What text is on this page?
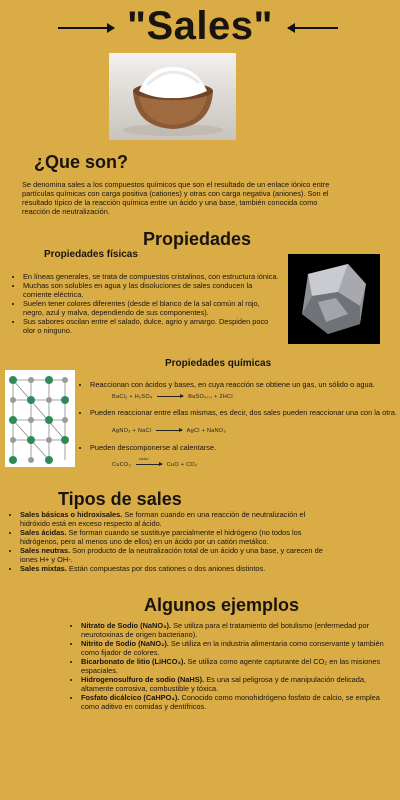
"Sales"
¿Que son?
Se denomina sales a los compuestos químicos que son el resultado de un enlace iónico entre partículas químicas con carga positiva (cationes) y otras con carga negativa (aniones). Son el resultado típico de la reacción química entre un ácido y una base, también conocida como reacción de neutralización.
Propiedades
Propiedades físicas
• En líneas generales, se trata de compuestos cristalinos, con estructura iónica.
• Muchas son solubles en agua y las disoluciones de sales conducen la corriente eléctrica.
• Suelen tener colores diferentes (desde el blanco de la sal común al rojo, negro, azul y malva, dependiendo de sus componentes).
• Sus sabores oscilan entre el salado, dulce, agrio y amargo. Despiden poco olor o ninguno.
Propiedades químicas
• Reaccionan con ácidos y bases, en cuya reacción se obtiene un gas, un sólido o agua.
BaCl₂ + H₂SO₄	BaSO₄₍ₛ₎ + 2HCl
• Pueden reaccionar entre ellas mismas, es decir, dos sales pueden reaccionar una con la otra.
AgNO₃ + NaCl	AgCl + NaNO₃
• Pueden descomponerse al calentarse.
calor
CuCO₃	CuO + CO₂
Tipos de sales
• Sales básicas o hidroxisales. Se forman cuando en una reacción de neutralización el hidróxido está en exceso respecto al ácido.
• Sales ácidas. Se forman cuando se sustituye parcialmente el hidrógeno (no todos los hidrógenos, pero al menos uno de ellos) en un ácido por un catión metálico.
• Sales neutras. Son producto de la neutralización total de un ácido y una base, y carecen de iones H+ y OH-.
• Sales mixtas. Están compuestas por dos cationes o dos aniones distintos.
Algunos ejemplos
• Nitrato de Sodio (NaNO₃). Se utiliza para el tratamiento del botulismo (enfermedad por neurotoxinas de origen bacteriano).
• Nitrito de Sodio (NaNO₂). Se utiliza en la industria alimentaria como conservante y también como fijador de colores.
• Bicarbonato de litio (LiHCO₃). Se utiliza como agente capturante del CO₂ en las misiones espaciales.
• Hidrogenosulfuro de sodio (NaHS). Es una sal peligrosa y de manipulación delicada, altamente corrosiva, combustible y tóxica.
• Fosfato dicálcico (CaHPO₄). Conocido como monohidrógeno fosfato de calcio, se emplea como aditivo en comidas y dentífricos.
